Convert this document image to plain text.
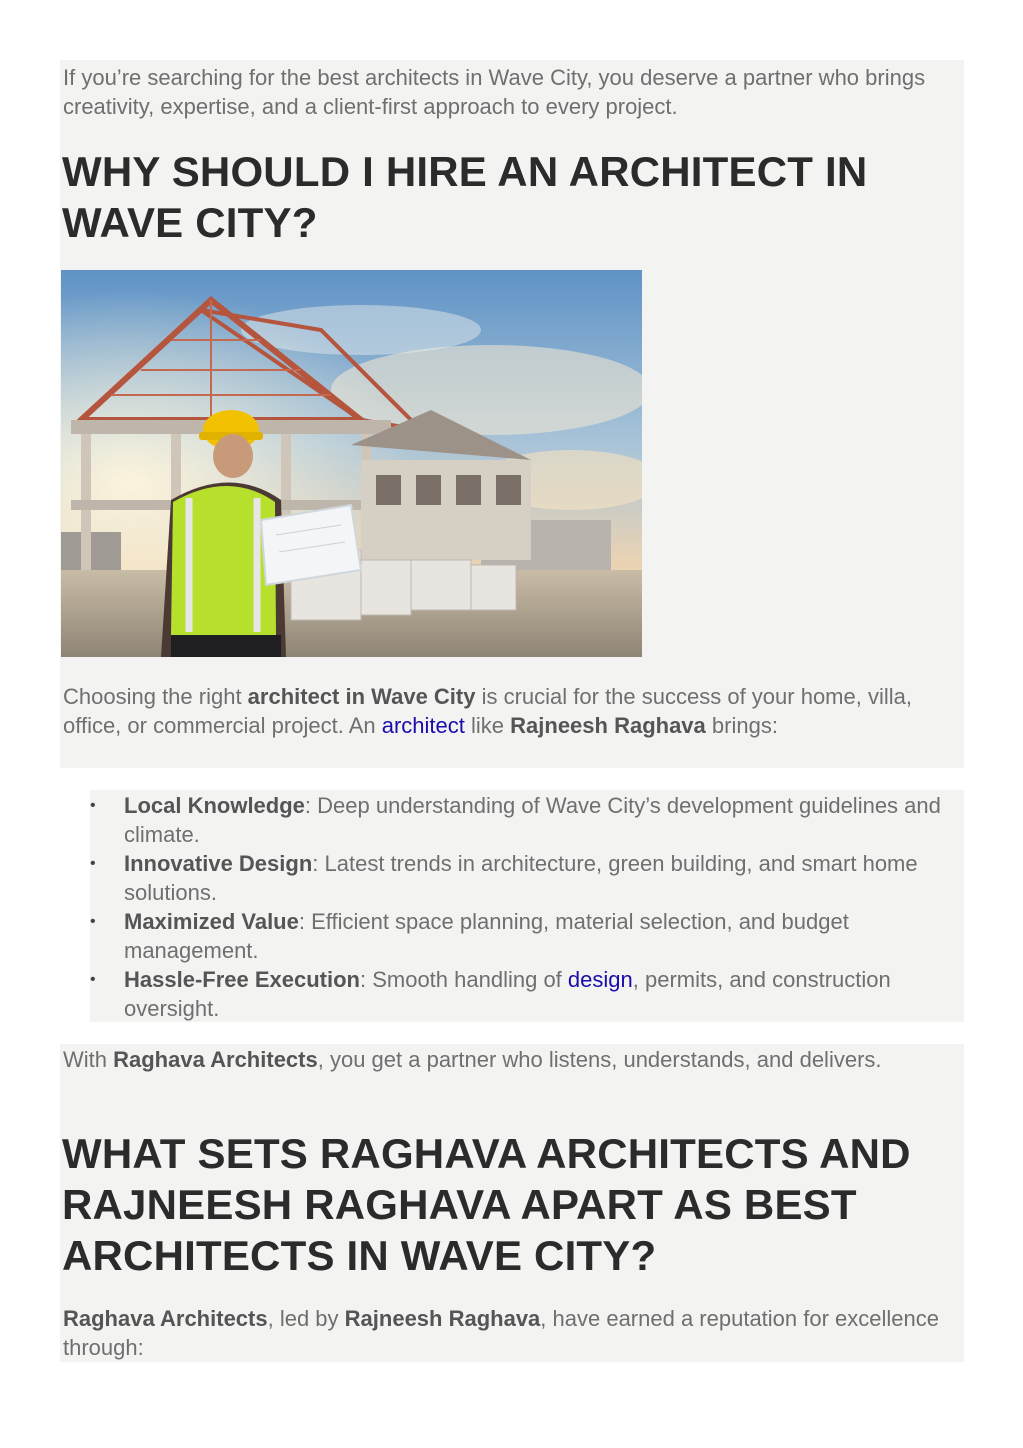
If you’re searching for the best architects in Wave City, you deserve a partner who brings creativity, expertise, and a client-first approach to every project.

WHY SHOULD I HIRE AN ARCHITECT IN WAVE CITY?

Choosing the right architect in Wave City is crucial for the success of your home, villa, office, or commercial project. An architect like Rajneesh Raghava brings:

• Local Knowledge: Deep understanding of Wave City’s development guidelines and climate.
• Innovative Design: Latest trends in architecture, green building, and smart home solutions.
• Maximized Value: Efficient space planning, material selection, and budget management.
• Hassle-Free Execution: Smooth handling of design, permits, and construction oversight.

With Raghava Architects, you get a partner who listens, understands, and delivers.

WHAT SETS RAGHAVA ARCHITECTS AND RAJNEESH RAGHAVA APART AS BEST ARCHITECTS IN WAVE CITY?

Raghava Architects, led by Rajneesh Raghava, have earned a reputation for excellence through:
